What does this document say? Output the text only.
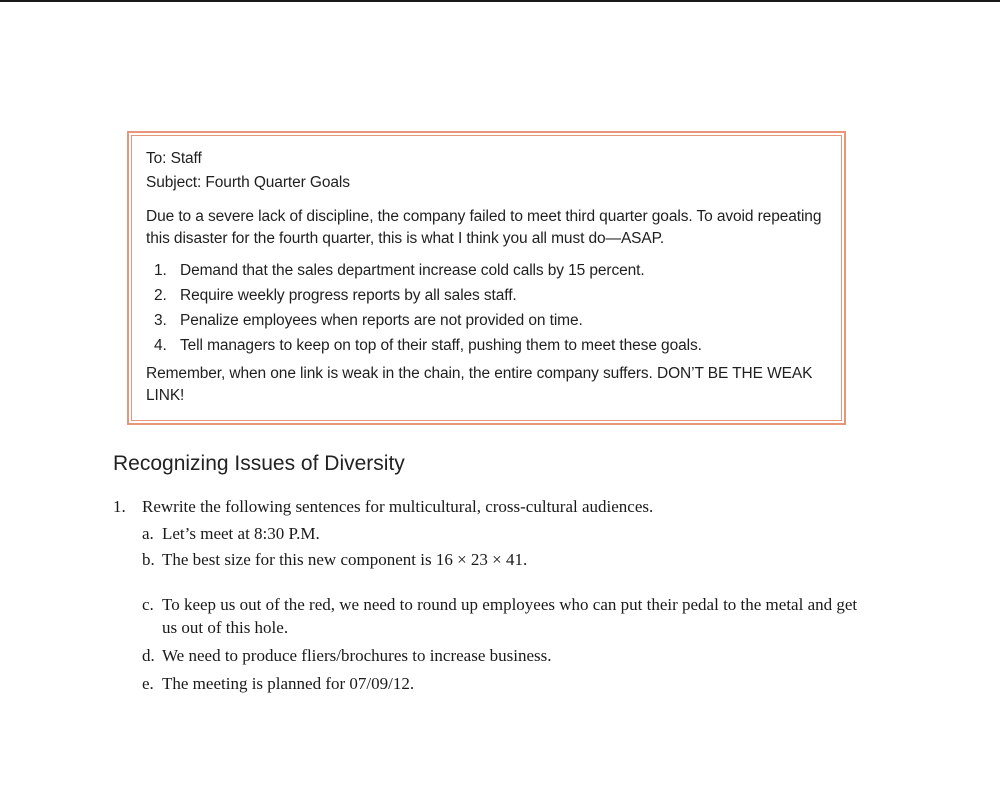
To: Staff
Subject: Fourth Quarter Goals
Due to a severe lack of discipline, the company failed to meet third quarter goals. To avoid repeating this disaster for the fourth quarter, this is what I think you all must do—ASAP.
1. Demand that the sales department increase cold calls by 15 percent.
2. Require weekly progress reports by all sales staff.
3. Penalize employees when reports are not provided on time.
4. Tell managers to keep on top of their staff, pushing them to meet these goals.
Remember, when one link is weak in the chain, the entire company suffers. DON’T BE THE WEAK LINK!
Recognizing Issues of Diversity
1. Rewrite the following sentences for multicultural, cross-cultural audiences.
a. Let’s meet at 8:30 P.M.
b. The best size for this new component is 16 × 23 × 41.
c. To keep us out of the red, we need to round up employees who can put their pedal to the metal and get us out of this hole.
d. We need to produce fliers/brochures to increase business.
e. The meeting is planned for 07/09/12.
